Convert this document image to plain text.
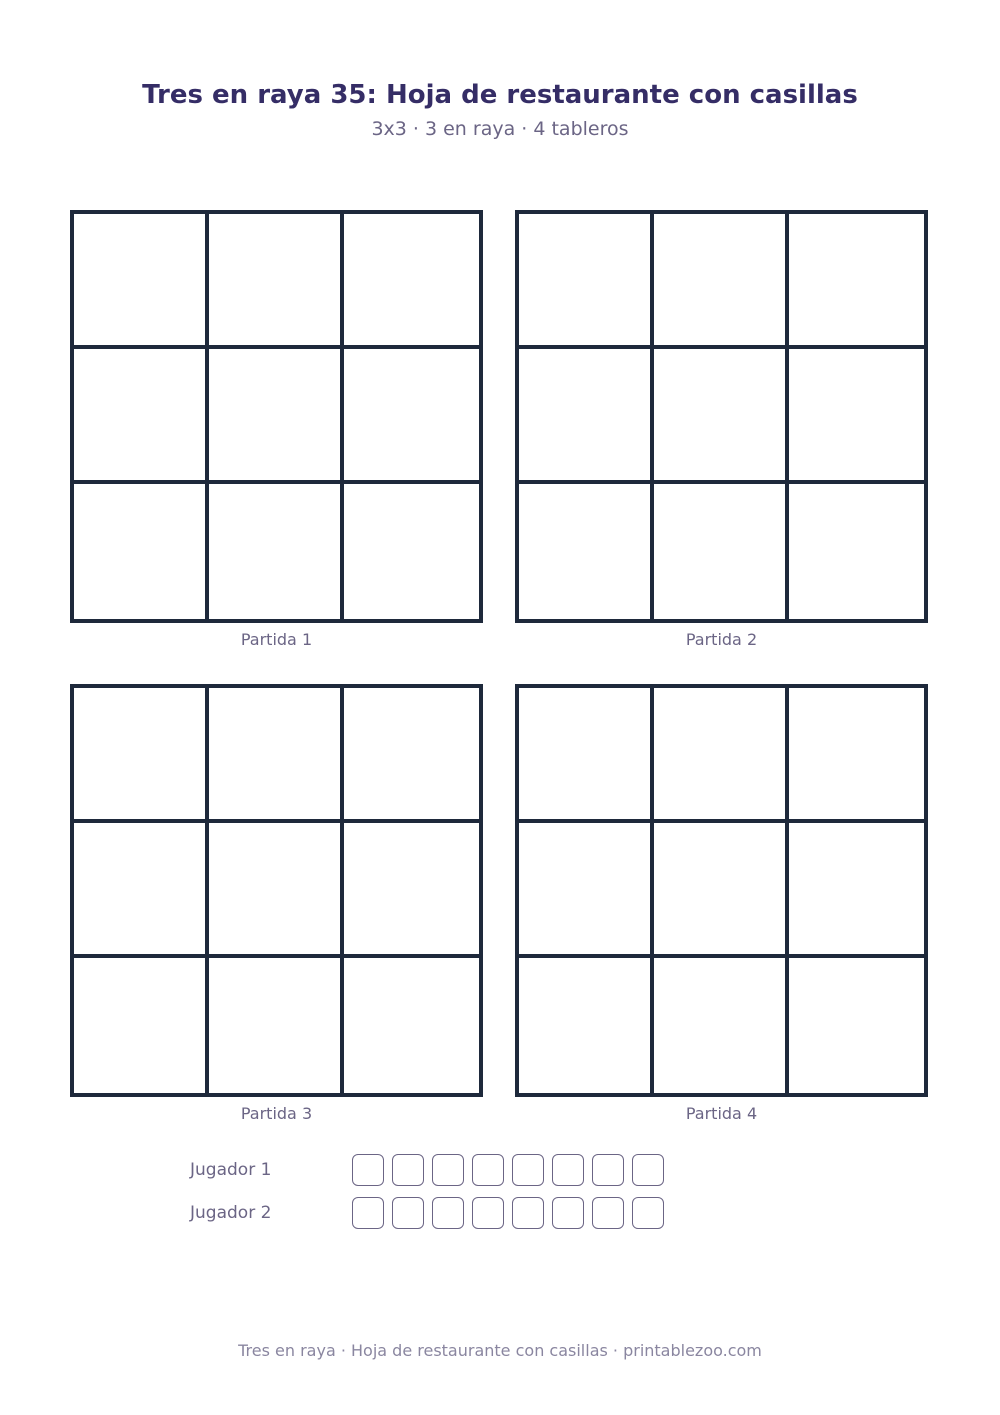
Tres en raya 35: Hoja de restaurante con casillas
3x3 · 3 en raya · 4 tableros
Partida 1	Partida 2
Partida 3	Partida 4
Jugador 1
Jugador 2
Tres en raya · Hoja de restaurante con casillas · printablezoo.com
